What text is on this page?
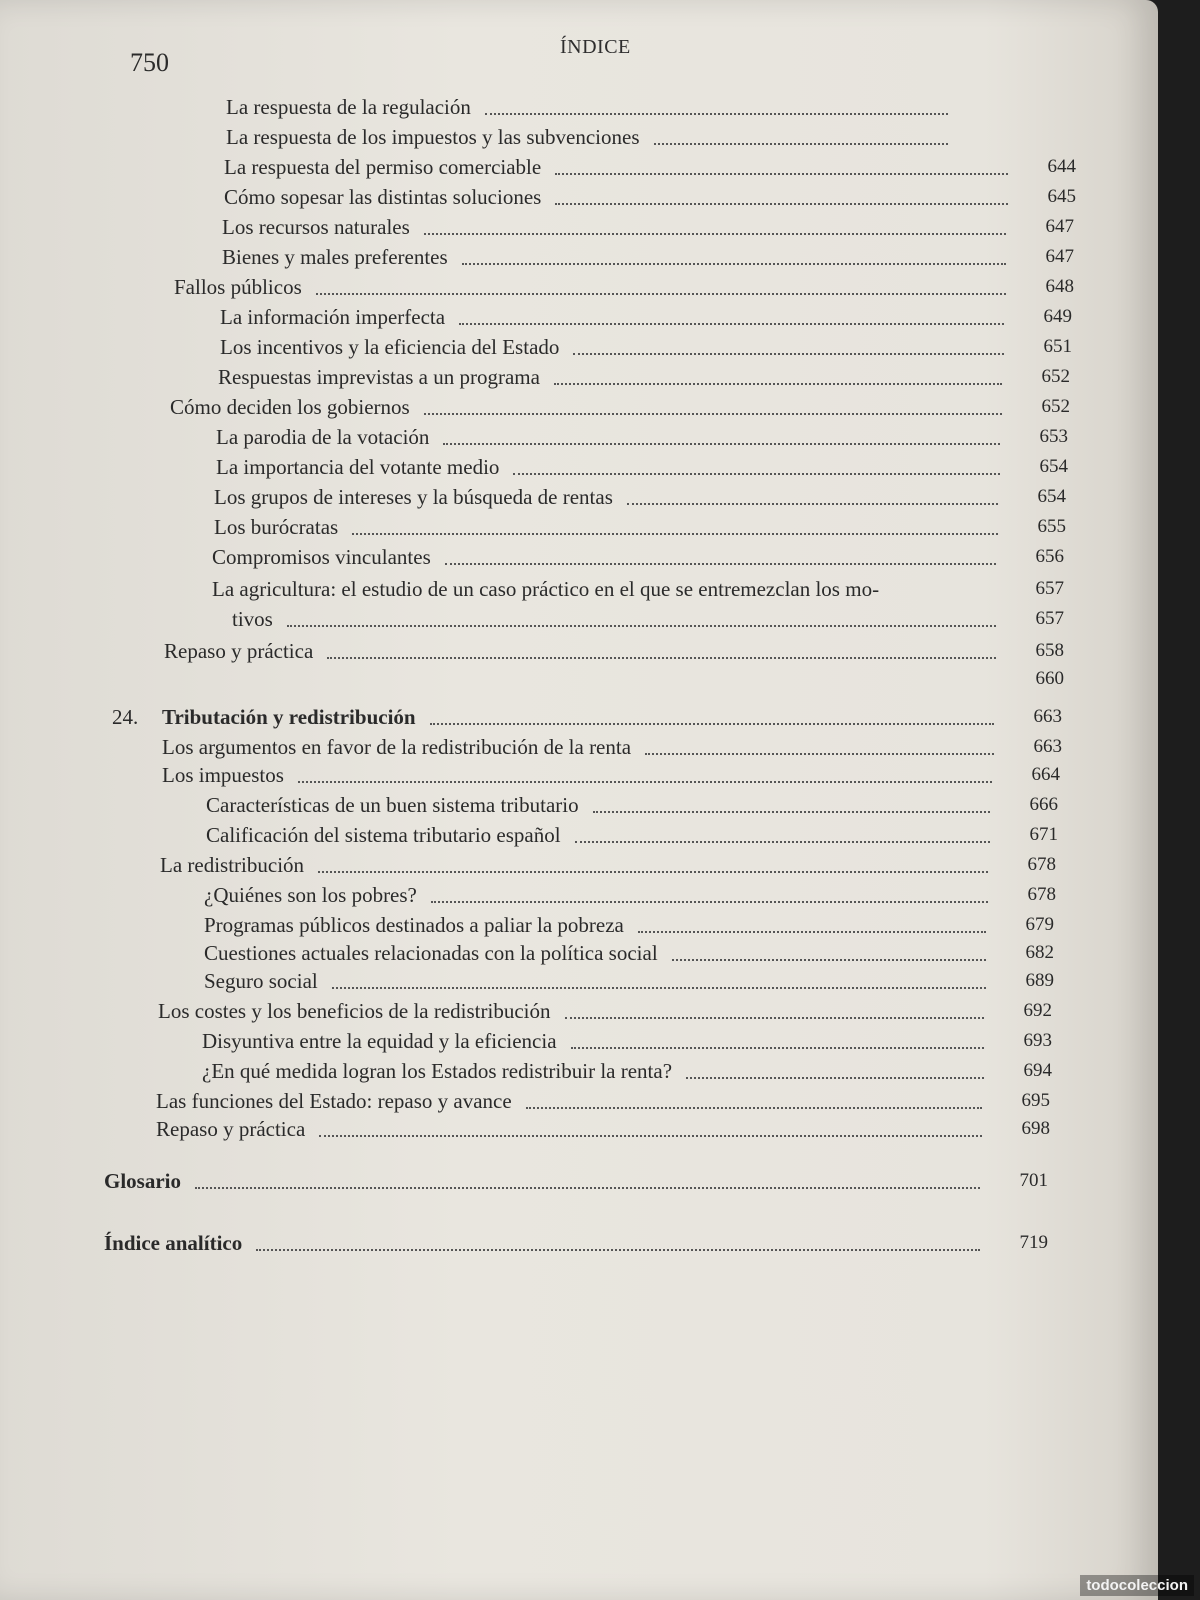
750
ÍNDICE
La respuesta de la regulación
La respuesta de los impuestos y las subvenciones
La respuesta del permiso comerciable	644
Cómo sopesar las distintas soluciones	645
Los recursos naturales	647
Bienes y males preferentes	647
Fallos públicos	648
La información imperfecta	649
Los incentivos y la eficiencia del Estado	651
Respuestas imprevistas a un programa	652
Cómo deciden los gobiernos	652
La parodia de la votación	653
La importancia del votante medio	654
Los grupos de intereses y la búsqueda de rentas	654
Los burócratas	655
Compromisos vinculantes	656
La agricultura: el estudio de un caso práctico en el que se entremezclan los mo-	657
tivos	657
Repaso y práctica	658
660
24.	Tributación y redistribución	663
Los argumentos en favor de la redistribución de la renta	663
Los impuestos	664
Características de un buen sistema tributario	666
Calificación del sistema tributario español	671
La redistribución	678
¿Quiénes son los pobres?	678
Programas públicos destinados a paliar la pobreza	679
Cuestiones actuales relacionadas con la política social	682
Seguro social	689
Los costes y los beneficios de la redistribución	692
Disyuntiva entre la equidad y la eficiencia	693
¿En qué medida logran los Estados redistribuir la renta?	694
Las funciones del Estado: repaso y avance	695
Repaso y práctica	698
Glosario	701
Índice analítico	719
todocoleccion
